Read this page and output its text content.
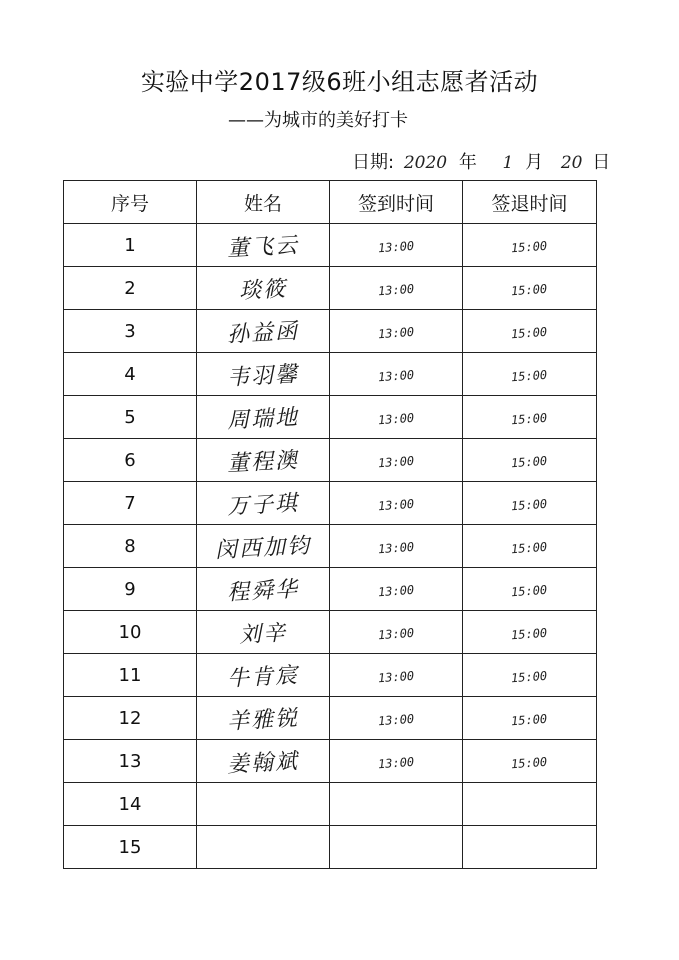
实验中学2017级6班小组志愿者活动
——为城市的美好打卡
日期: 2020 年 1 月 20 日
序号	姓名	签到时间	签退时间
1	董飞云	13:00	15:00
2	琰筱	13:00	15:00
3	孙益函	13:00	15:00
4	韦羽馨	13:00	15:00
5	周瑞地	13:00	15:00
6	董程澳	13:00	15:00
7	万子琪	13:00	15:00
8	闵西加钧	13:00	15:00
9	程舜华	13:00	15:00
10	刘辛	13:00	15:00
11	牛肯宸	13:00	15:00
12	羊雅锐	13:00	15:00
13	姜翰斌	13:00	15:00
14			
15			
